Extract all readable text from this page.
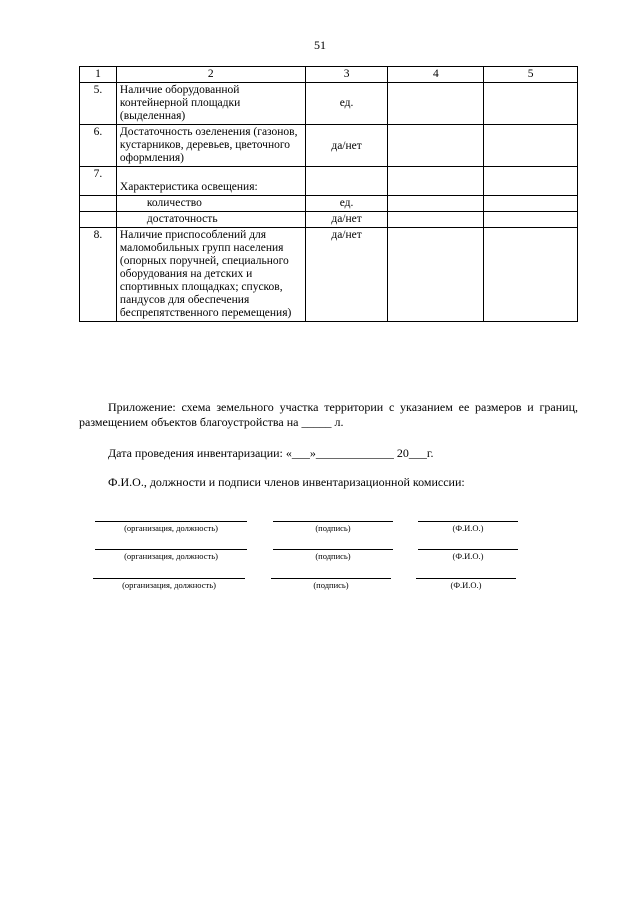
51
1	2	3	4	5
5.	Наличие оборудованной контейнерной площадки (выделенная)	ед.		
6.	Достаточность озеленения (газонов, кустарников, деревьев, цветочного оформления)	да/нет		
7.	Характеристика освещения:			
	количество	ед.		
	достаточность	да/нет		
8.	Наличие приспособлений для маломобильных групп населения (опорных поручней, специального оборудования на детских и спортивных площадках; спусков, пандусов для обеспечения беспрепятственного перемещения)	да/нет		
Приложение: схема земельного участка территории с указанием ее размеров и границ, размещением объектов благоустройства на _____ л.
Дата проведения инвентаризации: «___»_____________ 20___г.
Ф.И.О., должности и подписи членов инвентаризационной комиссии:
(организация, должность)	(подпись)	(Ф.И.О.)
(организация, должность)	(подпись)	(Ф.И.О.)
(организация, должность)	(подпись)	(Ф.И.О.)
